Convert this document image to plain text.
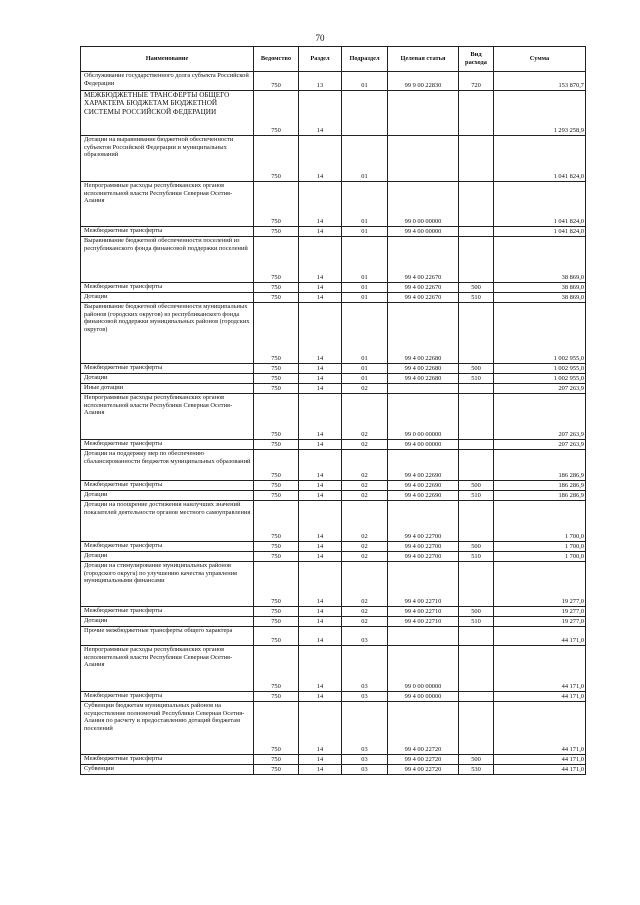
70
Наименование	Ведомство	Раздел	Подраздел	Целевая статья	Вид расхода	Сумма
Обслуживание государственного долга субъекта Российской Федерации	750	13	01	99 9 00 22830	720	153 870,7
МЕЖБЮДЖЕТНЫЕ ТРАНСФЕРТЫ ОБЩЕГО ХАРАКТЕРА БЮДЖЕТАМ БЮДЖЕТНОЙ СИСТЕМЫ РОССИЙСКОЙ ФЕДЕРАЦИИ	750	14				1 293 258,9
Дотации на выравнивание бюджетной обеспеченности субъектов Российской Федерации и муниципальных образований	750	14	01			1 041 824,0
Непрограммные расходы республиканских органов исполнительной власти Республики Северная Осетия-Алания	750	14	01	99 0 00 00000		1 041 824,0
Межбюджетные трансферты	750	14	01	99 4 00 00000		1 041 824,0
Выравнивание бюджетной обеспеченности поселений из республиканского фонда финансовой поддержки поселений	750	14	01	99 4 00 22670		38 869,0
Межбюджетные трансферты	750	14	01	99 4 00 22670	500	38 869,0
Дотации	750	14	01	99 4 00 22670	510	38 869,0
Выравнивание бюджетной обеспеченности муниципальных районов (городских округов) из республиканского фонда финансовой поддержки муниципальных районов (городских округов)	750	14	01	99 4 00 22680		1 002 955,0
Межбюджетные трансферты	750	14	01	99 4 00 22680	500	1 002 955,0
Дотации	750	14	01	99 4 00 22680	510	1 002 955,0
Иные дотации	750	14	02			207 263,9
Непрограммные расходы республиканских органов исполнительной власти Республики Северная Осетия-Алания	750	14	02	99 0 00 00000		207 263,9
Межбюджетные трансферты	750	14	02	99 4 00 00000		207 263,9
Дотации на поддержку мер по обеспечению сбалансированности бюджетов муниципальных образований	750	14	02	99 4 00 22690		186 286,9
Межбюджетные трансферты	750	14	02	99 4 00 22690	500	186 286,9
Дотации	750	14	02	99 4 00 22690	510	186 286,9
Дотации на поощрение достижения наилучших значений показателей деятельности органов местного самоуправления	750	14	02	99 4 00 22700		1 700,0
Межбюджетные трансферты	750	14	02	99 4 00 22700	500	1 700,0
Дотации	750	14	02	99 4 00 22700	510	1 700,0
Дотации на стимулирование муниципальных районов (городского округа) по улучшению качества управления муниципальными финансами	750	14	02	99 4 00 22710		19 277,0
Межбюджетные трансферты	750	14	02	99 4 00 22710	500	19 277,0
Дотации	750	14	02	99 4 00 22710	510	19 277,0
Прочие межбюджетные трансферты общего характера	750	14	03			44 171,0
Непрограммные расходы республиканских органов исполнительной власти Республики Северная Осетия-Алания	750	14	03	99 0 00 00000		44 171,0
Межбюджетные трансферты	750	14	03	99 4 00 00000		44 171,0
Субвенции бюджетам муниципальных районов на осуществление полномочий Республики Северная Осетия-Алания по расчету и предоставлению дотаций бюджетам поселений	750	14	03	99 4 00 22720		44 171,0
Межбюджетные трансферты	750	14	03	99 4 00 22720	500	44 171,0
Субвенции	750	14	03	99 4 00 22720	530	44 171,0
